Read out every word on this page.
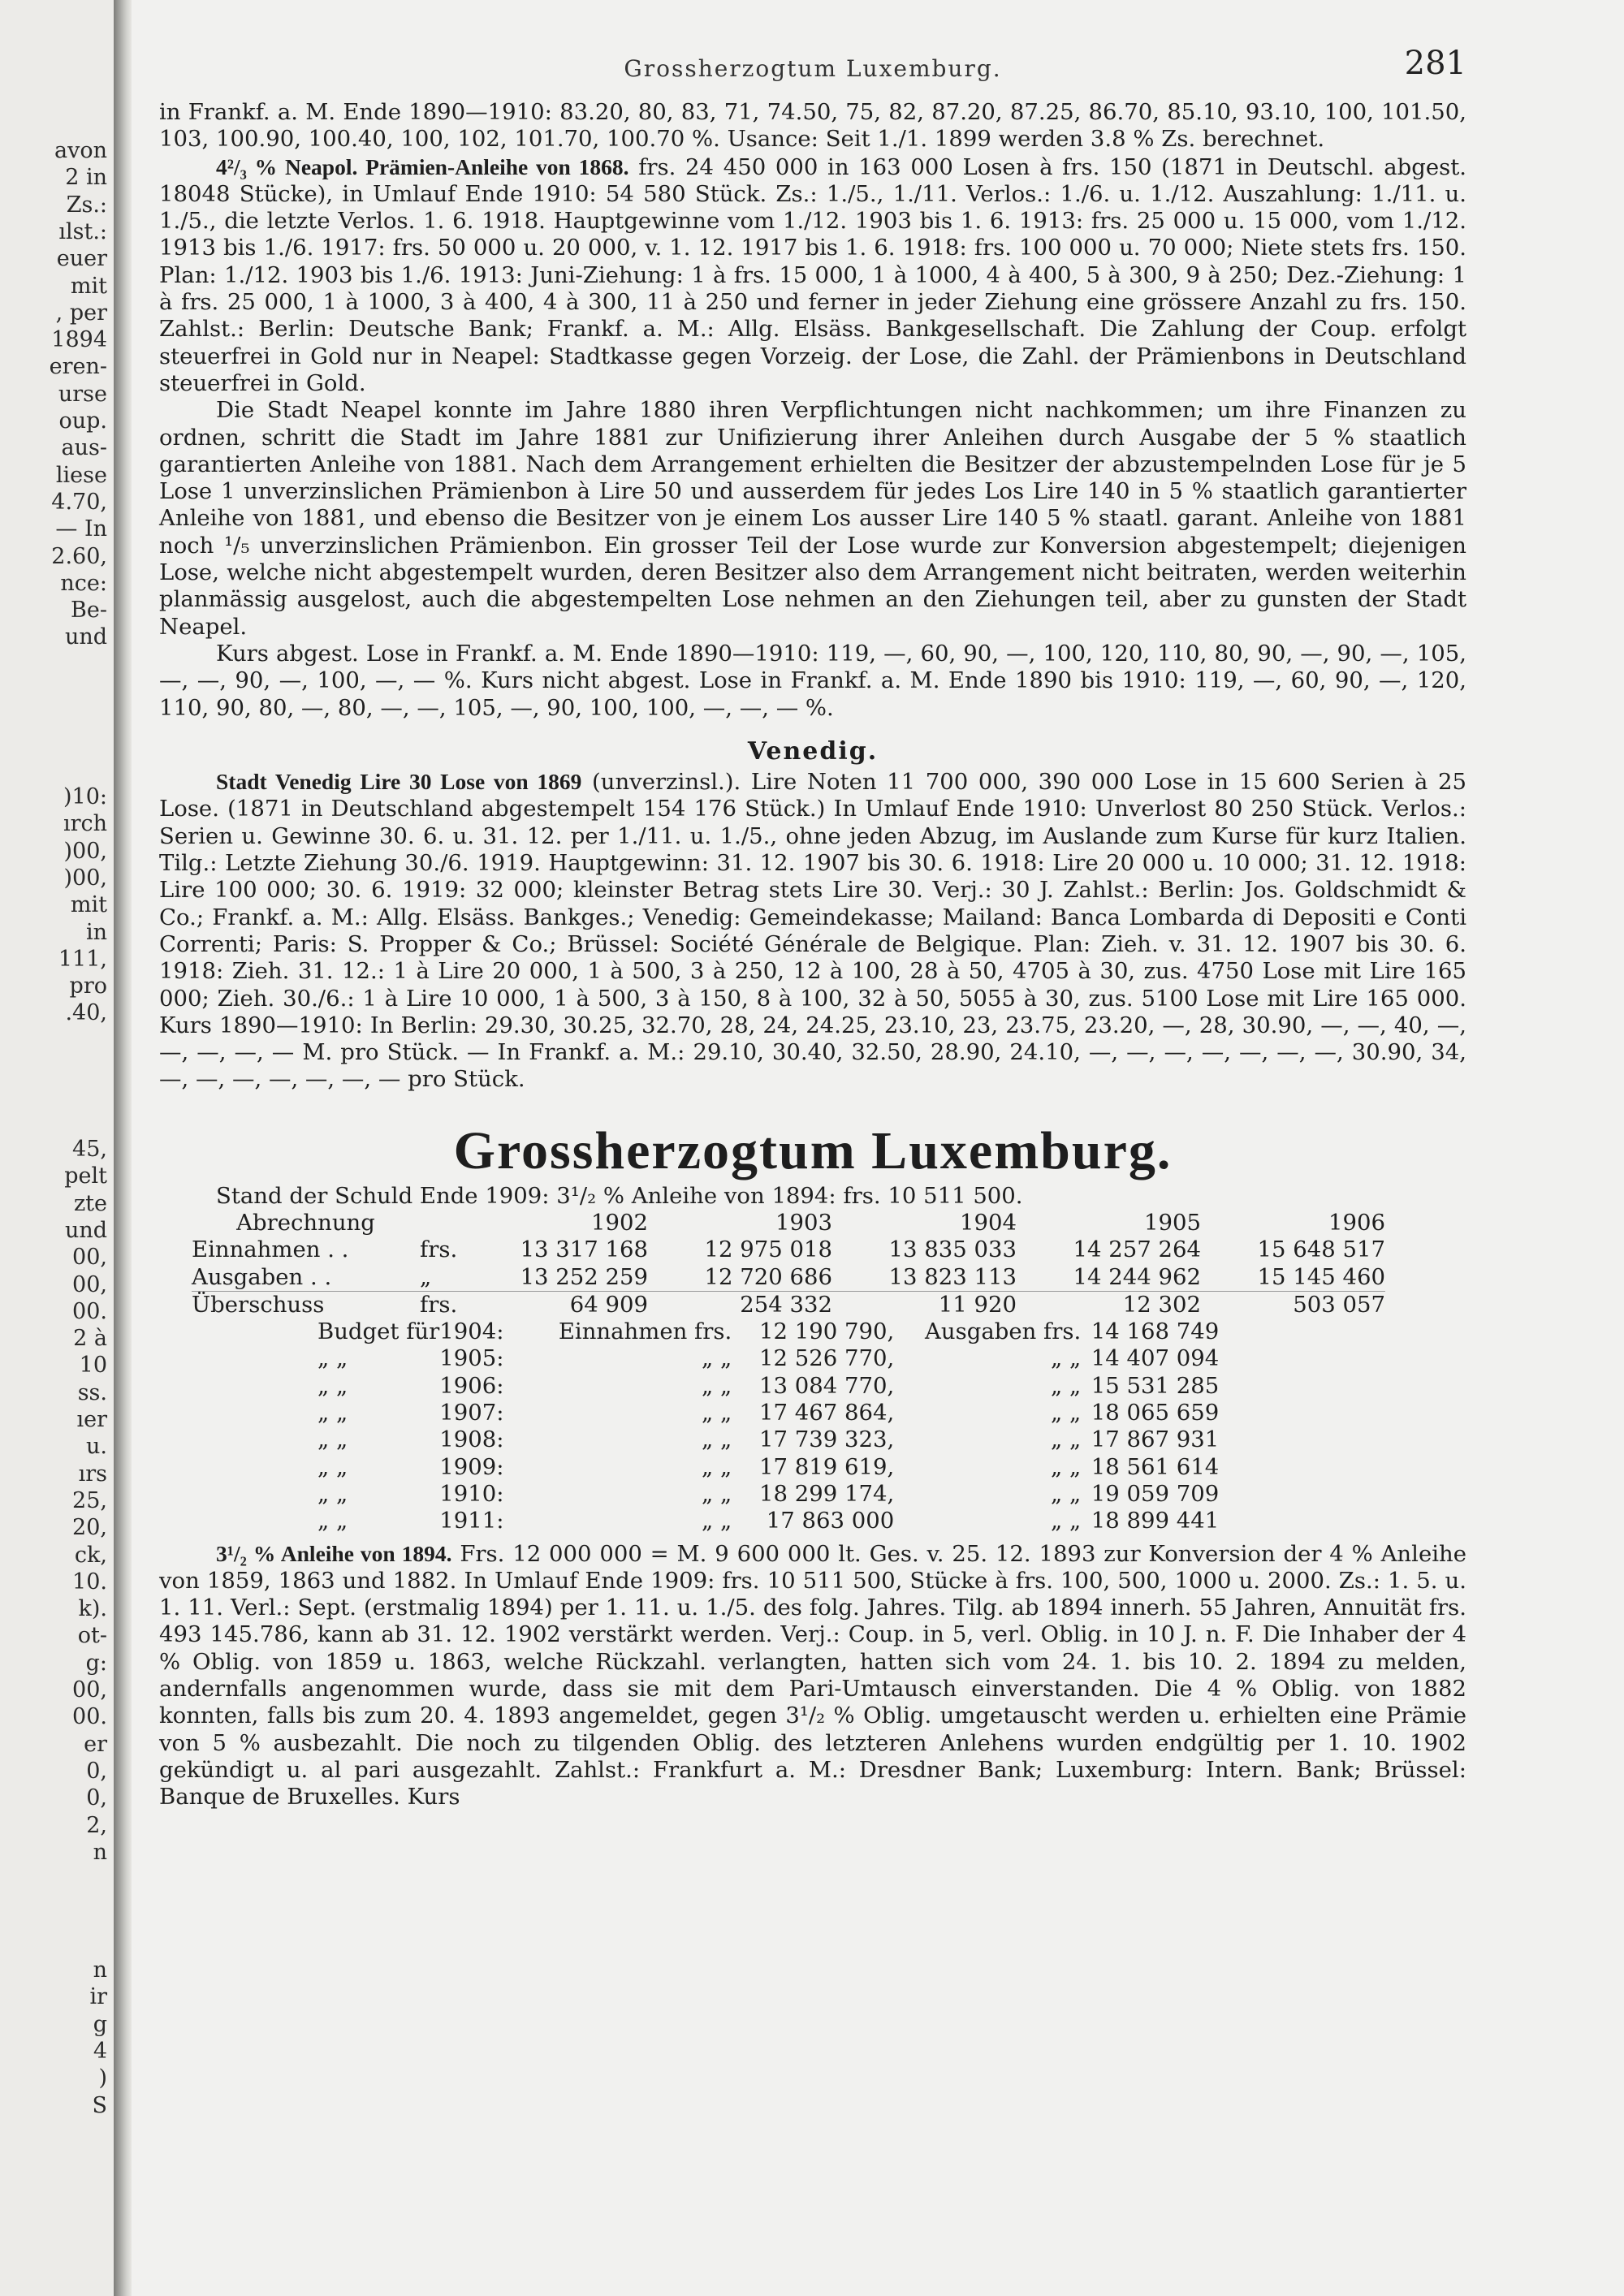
avon
2 in
Zs.:
ılst.:
euer
mit
, per
1894
eren-
urse
oup.
aus-
liese
4.70,
— In
2.60,
nce:
Be-
und
)10:
ırch
)00,
)00,
mit
in
111,
pro
.40,
45,
pelt
zte
und
00,
00,
00.
2 à
10
ss.
ıer
u.
ırs
25,
20,
ck,
10.
k).
ot-
g:
00,
00.
er
0,
0,
2,
n
n
ir
g
4
)
S
Grossherzogtum Luxemburg.	281

in Frankf. a. M. Ende 1890—1910: 83.20, 80, 83, 71, 74.50, 75, 82, 87.20, 87.25, 86.70, 85.10, 93.10, 100, 101.50, 103, 100.90, 100.40, 100, 102, 101.70, 100.70 %. Usance: Seit 1./1. 1899 werden 3.8 % Zs. berechnet.

4²/₃ % Neapol. Prämien-Anleihe von 1868. frs. 24 450 000 in 163 000 Losen à frs. 150 (1871 in Deutschl. abgest. 18048 Stücke), in Umlauf Ende 1910: 54 580 Stück. Zs.: 1./5., 1./11. Verlos.: 1./6. u. 1./12. Auszahlung: 1./11. u. 1./5., die letzte Verlos. 1. 6. 1918. Hauptgewinne vom 1./12. 1903 bis 1. 6. 1913: frs. 25 000 u. 15 000, vom 1./12. 1913 bis 1./6. 1917: frs. 50 000 u. 20 000, v. 1. 12. 1917 bis 1. 6. 1918: frs. 100 000 u. 70 000; Niete stets frs. 150. Plan: 1./12. 1903 bis 1./6. 1913: Juni-Ziehung: 1 à frs. 15 000, 1 à 1000, 4 à 400, 5 à 300, 9 à 250; Dez.-Ziehung: 1 à frs. 25 000, 1 à 1000, 3 à 400, 4 à 300, 11 à 250 und ferner in jeder Ziehung eine grössere Anzahl zu frs. 150. Zahlst.: Berlin: Deutsche Bank; Frankf. a. M.: Allg. Elsäss. Bankgesellschaft. Die Zahlung der Coup. erfolgt steuerfrei in Gold nur in Neapel: Stadtkasse gegen Vorzeig. der Lose, die Zahl. der Prämienbons in Deutschland steuerfrei in Gold.

Die Stadt Neapel konnte im Jahre 1880 ihren Verpflichtungen nicht nachkommen; um ihre Finanzen zu ordnen, schritt die Stadt im Jahre 1881 zur Unifizierung ihrer Anleihen durch Ausgabe der 5 % staatlich garantierten Anleihe von 1881. Nach dem Arrangement erhielten die Besitzer der abzustempelnden Lose für je 5 Lose 1 unverzinslichen Prämienbon à Lire 50 und ausserdem für jedes Los Lire 140 in 5 % staatlich garantierter Anleihe von 1881, und ebenso die Besitzer von je einem Los ausser Lire 140 5 % staatl. garant. Anleihe von 1881 noch ¹/₅ unverzinslichen Prämienbon. Ein grosser Teil der Lose wurde zur Konversion abgestempelt; diejenigen Lose, welche nicht abgestempelt wurden, deren Besitzer also dem Arrangement nicht beitraten, werden weiterhin planmässig ausgelost, auch die abgestempelten Lose nehmen an den Ziehungen teil, aber zu gunsten der Stadt Neapel.

Kurs abgest. Lose in Frankf. a. M. Ende 1890—1910: 119, —, 60, 90, —, 100, 120, 110, 80, 90, —, 90, —, 105, —, —, 90, —, 100, —, — %. Kurs nicht abgest. Lose in Frankf. a. M. Ende 1890 bis 1910: 119, —, 60, 90, —, 120, 110, 90, 80, —, 80, —, —, 105, —, 90, 100, 100, —, —, — %.

Venedig.

Stadt Venedig Lire 30 Lose von 1869 (unverzinsl.). Lire Noten 11 700 000, 390 000 Lose in 15 600 Serien à 25 Lose. (1871 in Deutschland abgestempelt 154 176 Stück.) In Umlauf Ende 1910: Unverlost 80 250 Stück. Verlos.: Serien u. Gewinne 30. 6. u. 31. 12. per 1./11. u. 1./5., ohne jeden Abzug, im Auslande zum Kurse für kurz Italien. Tilg.: Letzte Ziehung 30./6. 1919. Hauptgewinn: 31. 12. 1907 bis 30. 6. 1918: Lire 20 000 u. 10 000; 31. 12. 1918: Lire 100 000; 30. 6. 1919: 32 000; kleinster Betrag stets Lire 30. Verj.: 30 J. Zahlst.: Berlin: Jos. Goldschmidt & Co.; Frankf. a. M.: Allg. Elsäss. Bankges.; Venedig: Gemeindekasse; Mailand: Banca Lombarda di Depositi e Conti Correnti; Paris: S. Propper & Co.; Brüssel: Société Générale de Belgique. Plan: Zieh. v. 31. 12. 1907 bis 30. 6. 1918: Zieh. 31. 12.: 1 à Lire 20 000, 1 à 500, 3 à 250, 12 à 100, 28 à 50, 4705 à 30, zus. 4750 Lose mit Lire 165 000; Zieh. 30./6.: 1 à Lire 10 000, 1 à 500, 3 à 150, 8 à 100, 32 à 50, 5055 à 30, zus. 5100 Lose mit Lire 165 000. Kurs 1890—1910: In Berlin: 29.30, 30.25, 32.70, 28, 24, 24.25, 23.10, 23, 23.75, 23.20, —, 28, 30.90, —, —, 40, —, —, —, —, — M. pro Stück. — In Frankf. a. M.: 29.10, 30.40, 32.50, 28.90, 24.10, —, —, —, —, —, —, —, 30.90, 34, —, —, —, —, —, —, — pro Stück.

Grossherzogtum Luxemburg.

Stand der Schuld Ende 1909: 3¹/₂ % Anleihe von 1894: frs. 10 511 500.

Abrechnung		1902	1903	1904	1905	1906
Einnahmen . .	frs.	13 317 168	12 975 018	13 835 033	14 257 264	15 648 517
Ausgaben . .	„	13 252 259	12 720 686	13 823 113	14 244 962	15 145 460
Überschuss	frs.	64 909	254 332	11 920	12 302	503 057
Budget für	1904:	Einnahmen frs.	12 190 790,	Ausgaben frs.	14 168 749
„ „	1905:	„ „	12 526 770,	„ „	14 407 094
„ „	1906:	„ „	13 084 770,	„ „	15 531 285
„ „	1907:	„ „	17 467 864,	„ „	18 065 659
„ „	1908:	„ „	17 739 323,	„ „	17 867 931
„ „	1909:	„ „	17 819 619,	„ „	18 561 614
„ „	1910:	„ „	18 299 174,	„ „	19 059 709
„ „	1911:	„ „	17 863 000	„ „	18 899 441

3¹/₂ % Anleihe von 1894. Frs. 12 000 000 = M. 9 600 000 lt. Ges. v. 25. 12. 1893 zur Konversion der 4 % Anleihe von 1859, 1863 und 1882. In Umlauf Ende 1909: frs. 10 511 500, Stücke à frs. 100, 500, 1000 u. 2000. Zs.: 1. 5. u. 1. 11. Verl.: Sept. (erstmalig 1894) per 1. 11. u. 1./5. des folg. Jahres. Tilg. ab 1894 innerh. 55 Jahren, Annuität frs. 493 145.786, kann ab 31. 12. 1902 verstärkt werden. Verj.: Coup. in 5, verl. Oblig. in 10 J. n. F. Die Inhaber der 4 % Oblig. von 1859 u. 1863, welche Rückzahl. verlangten, hatten sich vom 24. 1. bis 10. 2. 1894 zu melden, andernfalls angenommen wurde, dass sie mit dem Pari-Umtausch einverstanden. Die 4 % Oblig. von 1882 konnten, falls bis zum 20. 4. 1893 angemeldet, gegen 3¹/₂ % Oblig. umgetauscht werden u. erhielten eine Prämie von 5 % ausbezahlt. Die noch zu tilgenden Oblig. des letzteren Anlehens wurden endgültig per 1. 10. 1902 gekündigt u. al pari ausgezahlt. Zahlst.: Frankfurt a. M.: Dresdner Bank; Luxemburg: Intern. Bank; Brüssel: Banque de Bruxelles. Kurs
